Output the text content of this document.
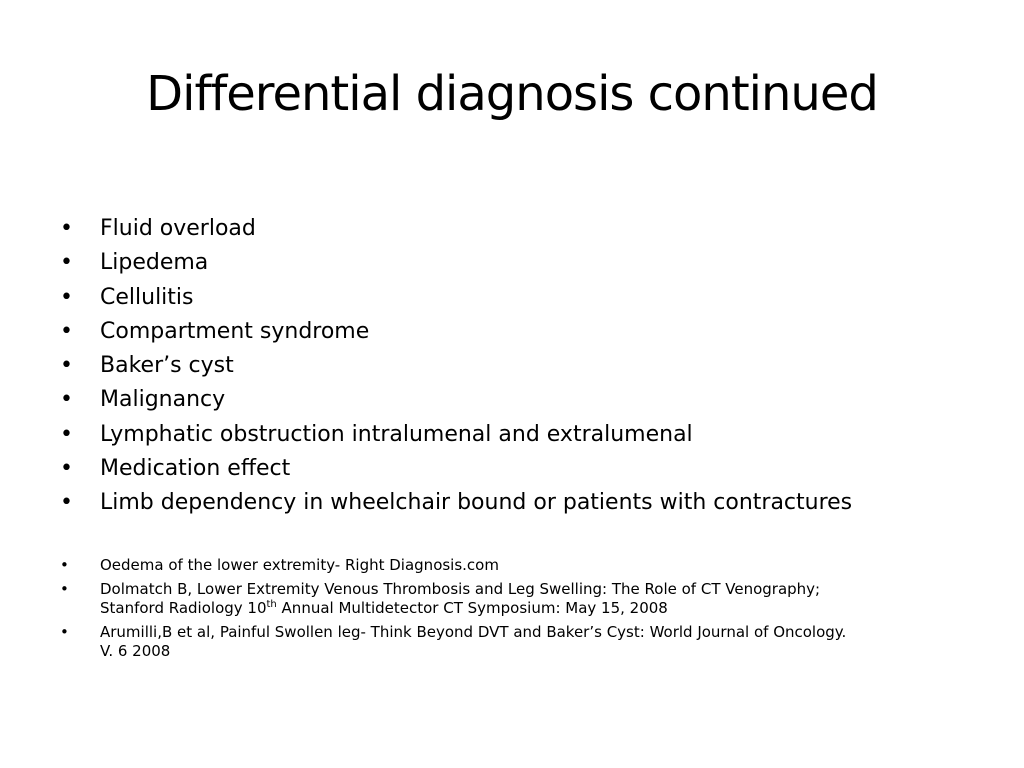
Differential diagnosis continued
•	Fluid overload
•	Lipedema
•	Cellulitis
•	Compartment syndrome
•	Baker’s cyst
•	Malignancy
•	Lymphatic obstruction intralumenal and extralumenal
•	Medication effect
•	Limb dependency in wheelchair bound or patients with contractures
•	Oedema of the lower extremity- Right Diagnosis.com
•	Dolmatch B, Lower Extremity Venous Thrombosis and Leg Swelling: The Role of CT Venography;
Stanford Radiology 10th Annual Multidetector CT Symposium: May 15, 2008
•	Arumilli,B et al, Painful Swollen leg- Think Beyond DVT and Baker’s Cyst: World Journal of Oncology.
V. 6 2008
